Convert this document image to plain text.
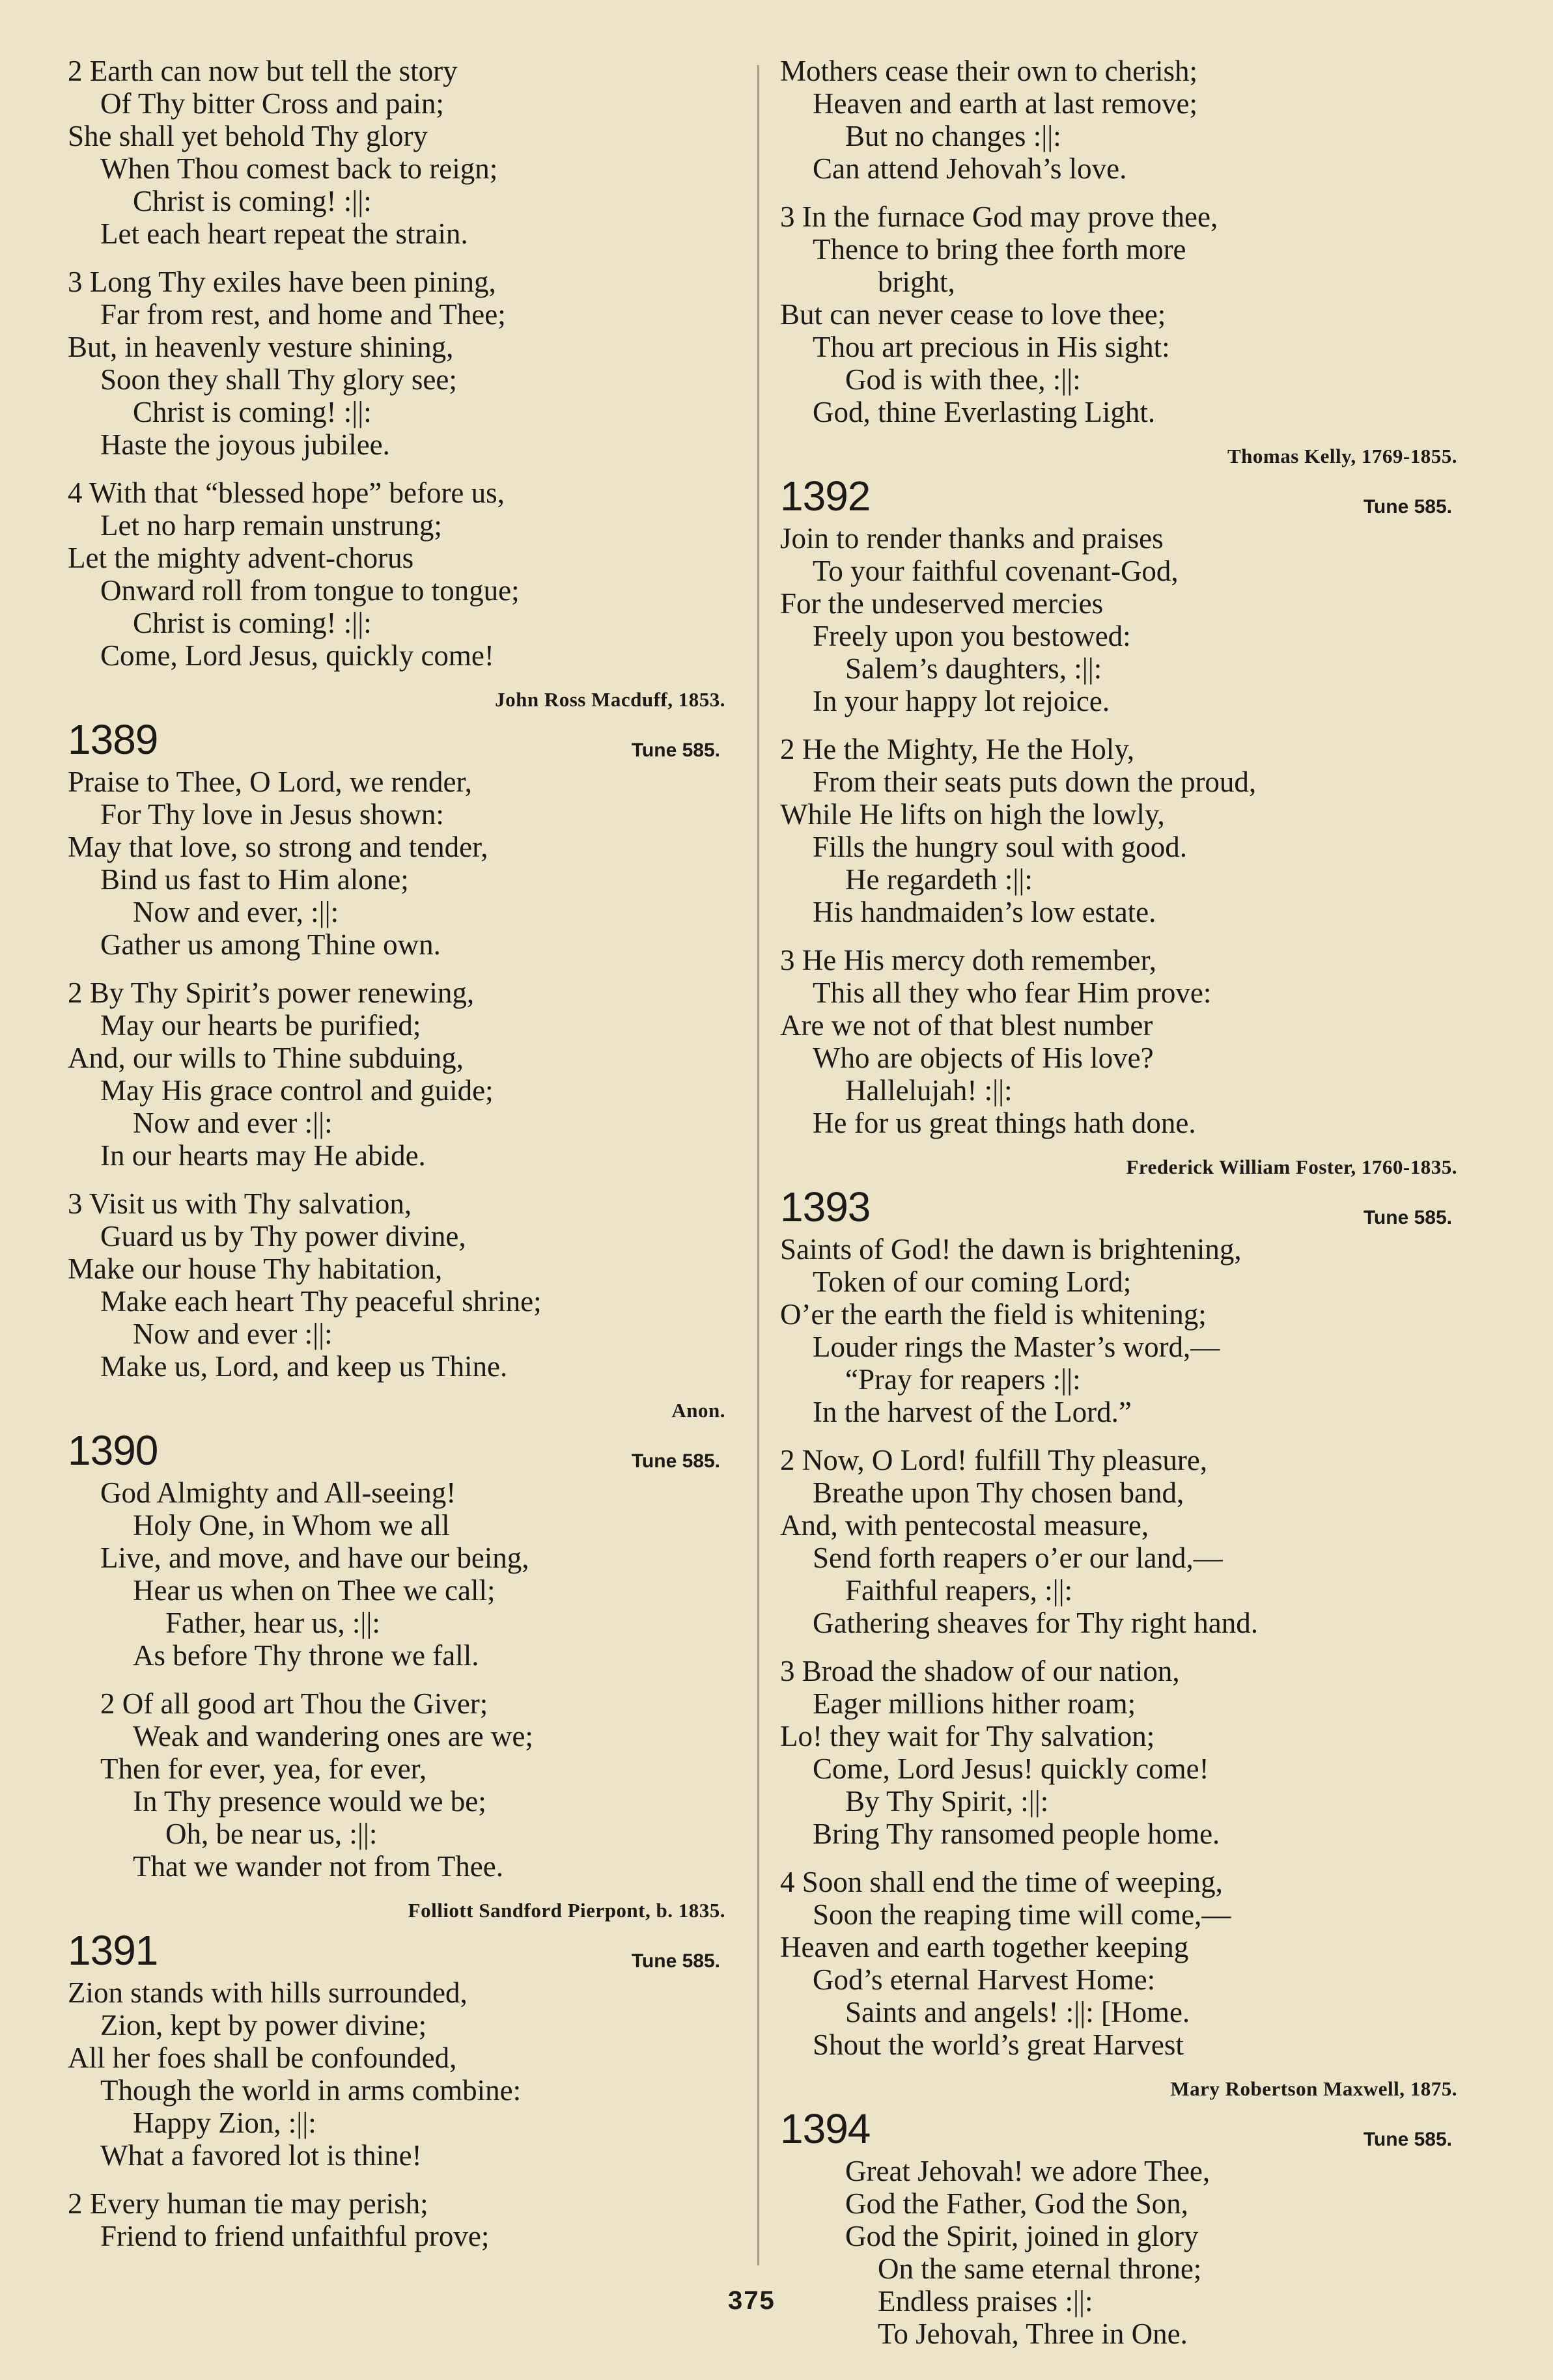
2 Earth can now but tell the story
Of Thy bitter Cross and pain;
She shall yet behold Thy glory
When Thou comest back to reign;
Christ is coming! :||:
Let each heart repeat the strain.
3 Long Thy exiles have been pining,
Far from rest, and home and Thee;
But, in heavenly vesture shining,
Soon they shall Thy glory see;
Christ is coming! :||:
Haste the joyous jubilee.
4 With that “blessed hope” before us,
Let no harp remain unstrung;
Let the mighty advent-chorus
Onward roll from tongue to tongue;
Christ is coming! :||:
Come, Lord Jesus, quickly come!
John Ross Macduff, 1853.
1389	Tune 585.
Praise to Thee, O Lord, we render,
For Thy love in Jesus shown:
May that love, so strong and tender,
Bind us fast to Him alone;
Now and ever, :||:
Gather us among Thine own.
2 By Thy Spirit’s power renewing,
May our hearts be purified;
And, our wills to Thine subduing,
May His grace control and guide;
Now and ever :||:
In our hearts may He abide.
3 Visit us with Thy salvation,
Guard us by Thy power divine,
Make our house Thy habitation,
Make each heart Thy peaceful shrine;
Now and ever :||:
Make us, Lord, and keep us Thine.
Anon.
1390	Tune 585.
God Almighty and All-seeing!
Holy One, in Whom we all
Live, and move, and have our being,
Hear us when on Thee we call;
Father, hear us, :||:
As before Thy throne we fall.
2 Of all good art Thou the Giver;
Weak and wandering ones are we;
Then for ever, yea, for ever,
In Thy presence would we be;
Oh, be near us, :||:
That we wander not from Thee.
Folliott Sandford Pierpont, b. 1835.
1391	Tune 585.
Zion stands with hills surrounded,
Zion, kept by power divine;
All her foes shall be confounded,
Though the world in arms combine:
Happy Zion, :||:
What a favored lot is thine!
2 Every human tie may perish;
Friend to friend unfaithful prove;
Mothers cease their own to cherish;
Heaven and earth at last remove;
But no changes :||:
Can attend Jehovah’s love.
3 In the furnace God may prove thee,
Thence to bring thee forth more
bright,
But can never cease to love thee;
Thou art precious in His sight:
God is with thee, :||:
God, thine Everlasting Light.
Thomas Kelly, 1769-1855.
1392	Tune 585.
Join to render thanks and praises
To your faithful covenant-God,
For the undeserved mercies
Freely upon you bestowed:
Salem’s daughters, :||:
In your happy lot rejoice.
2 He the Mighty, He the Holy,
From their seats puts down the proud,
While He lifts on high the lowly,
Fills the hungry soul with good.
He regardeth :||:
His handmaiden’s low estate.
3 He His mercy doth remember,
This all they who fear Him prove:
Are we not of that blest number
Who are objects of His love?
Hallelujah! :||:
He for us great things hath done.
Frederick William Foster, 1760-1835.
1393	Tune 585.
Saints of God! the dawn is brightening,
Token of our coming Lord;
O’er the earth the field is whitening;
Louder rings the Master’s word,—
“Pray for reapers :||:
In the harvest of the Lord.”
2 Now, O Lord! fulfill Thy pleasure,
Breathe upon Thy chosen band,
And, with pentecostal measure,
Send forth reapers o’er our land,—
Faithful reapers, :||:
Gathering sheaves for Thy right hand.
3 Broad the shadow of our nation,
Eager millions hither roam;
Lo! they wait for Thy salvation;
Come, Lord Jesus! quickly come!
By Thy Spirit, :||:
Bring Thy ransomed people home.
4 Soon shall end the time of weeping,
Soon the reaping time will come,—
Heaven and earth together keeping
God’s eternal Harvest Home:
Saints and angels! :||: [Home.
Shout the world’s great Harvest
Mary Robertson Maxwell, 1875.
1394	Tune 585.
Great Jehovah! we adore Thee,
God the Father, God the Son,
God the Spirit, joined in glory
On the same eternal throne;
Endless praises :||:
To Jehovah, Three in One.
375
